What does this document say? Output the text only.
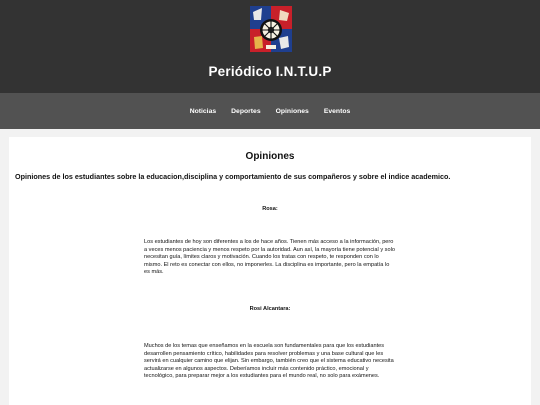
Periódico I.N.T.U.P
Noticias	Deportes	Opiniones	Eventos
Opiniones
Opiniones de los estudiantes sobre la educacion,disciplina y comportamiento de sus compañeros y sobre el indice academico.
Rosa:
Los estudiantes de hoy son diferentes a los de hace años. Tienen más acceso a la información, pero a veces menos paciencia y menos respeto por la autoridad. Aun así, la mayoría tiene potencial y solo necesitan guía, límites claros y motivación. Cuando los tratas con respeto, te responden con lo mismo. El reto es conectar con ellos, no imponerles. La disciplina es importante, pero la empatía lo es más.
Rosi Alcantara:
Muchos de los temas que enseñamos en la escuela son fundamentales para que los estudiantes desarrollen pensamiento crítico, habilidades para resolver problemas y una base cultural que les servirá en cualquier camino que elijan. Sin embargo, también creo que el sistema educativo necesita actualizarse en algunos aspectos. Deberíamos incluir más contenido práctico, emocional y tecnológico, para preparar mejor a los estudiantes para el mundo real, no solo para exámenes.
